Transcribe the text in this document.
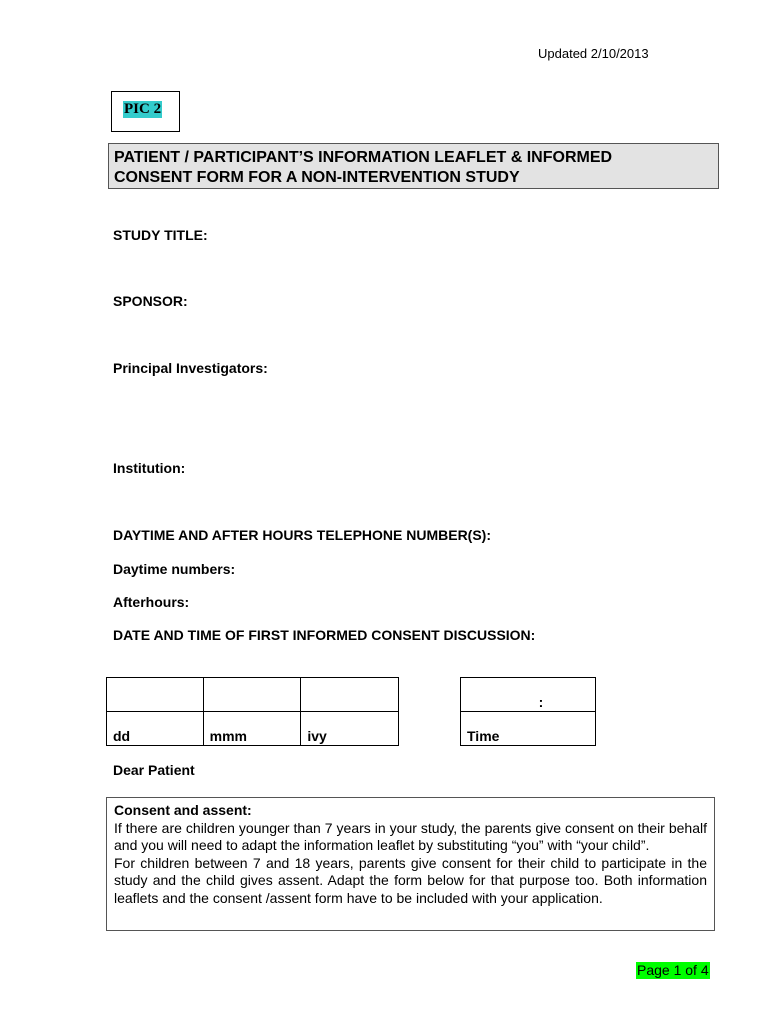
Updated 2/10/2013
PIC 2
PATIENT / PARTICIPANT’S INFORMATION LEAFLET & INFORMED
CONSENT FORM FOR A NON-INTERVENTION STUDY
STUDY TITLE:
SPONSOR:
Principal Investigators:
Institution:
DAYTIME AND AFTER HOURS TELEPHONE NUMBER(S):
Daytime numbers:
Afterhours:
DATE AND TIME OF FIRST INFORMED CONSENT DISCUSSION:

dd	mmm	ivy
:
Time
Dear Patient
Consent and assent:
If there are children younger than 7 years in your study, the parents give consent on their behalf and you will need to adapt the information leaflet by substituting “you” with “your child”.
For children between 7 and 18 years, parents give consent for their child to participate in the study and the child gives assent. Adapt the form below for that purpose too. Both information leaflets and the consent /assent form have to be included with your application.
Page 1 of 4
